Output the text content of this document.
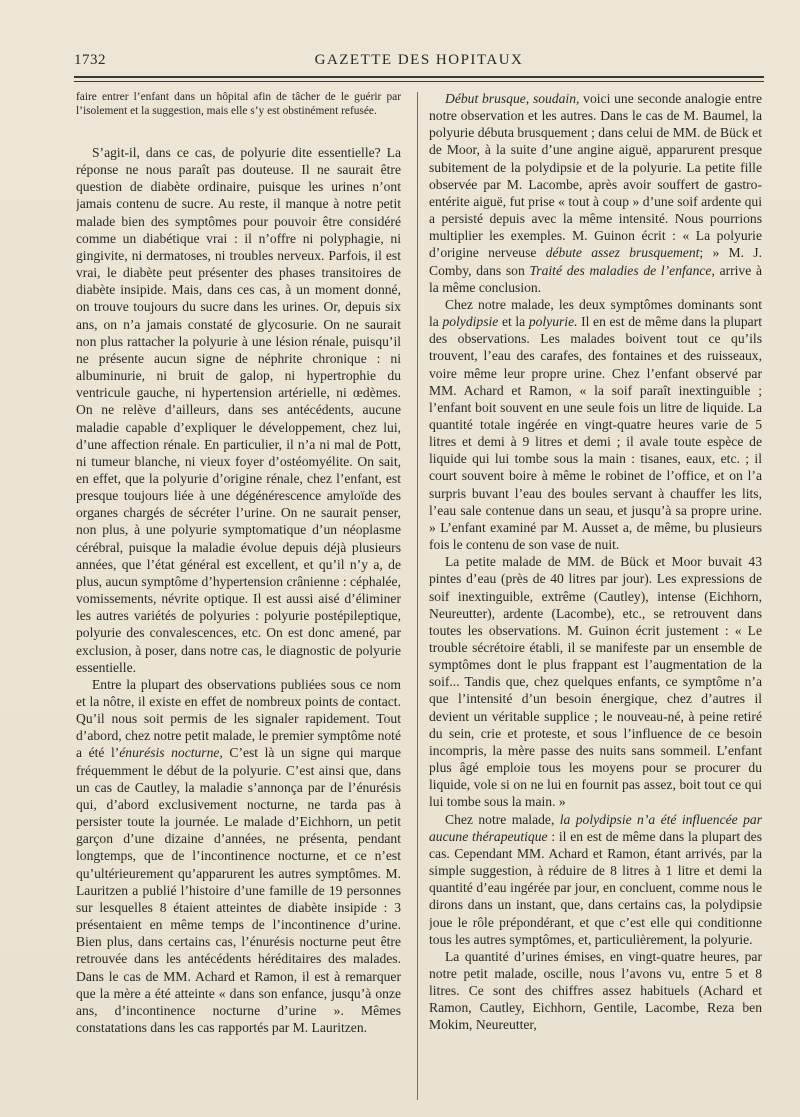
1732	GAZETTE DES HOPITAUX

faire entrer l’enfant dans un hôpital afin de tâcher de le guérir par l’isolement et la suggestion, mais elle s’y est obstinément refusée.

S’agit-il, dans ce cas, de polyurie dite essentielle? La réponse ne nous paraît pas douteuse. Il ne saurait être question de diabète ordinaire, puisque les urines n’ont jamais contenu de sucre. Au reste, il manque à notre petit malade bien des symptômes pour pouvoir être considéré comme un diabétique vrai : il n’offre ni polyphagie, ni gingivite, ni dermatoses, ni troubles nerveux. Parfois, il est vrai, le diabète peut présenter des phases transitoires de diabète insipide. Mais, dans ces cas, à un moment donné, on trouve toujours du sucre dans les urines. Or, depuis six ans, on n’a jamais constaté de glycosurie. On ne saurait non plus rattacher la polyurie à une lésion rénale, puisqu’il ne présente aucun signe de néphrite chronique : ni albuminurie, ni bruit de galop, ni hypertrophie du ventricule gauche, ni hypertension artérielle, ni œdèmes. On ne relève d’ailleurs, dans ses antécédents, aucune maladie capable d’expliquer le développement, chez lui, d’une affection rénale. En particulier, il n’a ni mal de Pott, ni tumeur blanche, ni vieux foyer d’ostéomyélite. On sait, en effet, que la polyurie d’origine rénale, chez l’enfant, est presque toujours liée à une dégénérescence amyloïde des organes chargés de sécréter l’urine. On ne saurait penser, non plus, à une polyurie symptomatique d’un néoplasme cérébral, puisque la maladie évolue depuis déjà plusieurs années, que l’état général est excellent, et qu’il n’y a, de plus, aucun symptôme d’hypertension crânienne : céphalée, vomissements, névrite optique. Il est aussi aisé d’éliminer les autres variétés de polyuries : polyurie postépileptique, polyurie des convalescences, etc. On est donc amené, par exclusion, à poser, dans notre cas, le diagnostic de polyurie essentielle.

Entre la plupart des observations publiées sous ce nom et la nôtre, il existe en effet de nombreux points de contact. Qu’il nous soit permis de les signaler rapidement. Tout d’abord, chez notre petit malade, le premier symptôme noté a été l’énurésis nocturne, C’est là un signe qui marque fréquemment le début de la polyurie. C’est ainsi que, dans un cas de Cautley, la maladie s’annonça par de l’énurésis qui, d’abord exclusivement nocturne, ne tarda pas à persister toute la journée. Le malade d’Eichhorn, un petit garçon d’une dizaine d’années, ne présenta, pendant longtemps, que de l’incontinence nocturne, et ce n’est qu’ultérieurement qu’apparurent les autres symptômes. M. Lauritzen a publié l’histoire d’une famille de 19 personnes sur lesquelles 8 étaient atteintes de diabète insipide : 3 présentaient en même temps de l’incontinence d’urine. Bien plus, dans certains cas, l’énurésis nocturne peut être retrouvée dans les antécédents héréditaires des malades. Dans le cas de MM. Achard et Ramon, il est à remarquer que la mère a été atteinte « dans son enfance, jusqu’à onze ans, d’incontinence nocturne d’urine ». Mêmes constatations dans les cas rapportés par M. Lauritzen.

Début brusque, soudain, voici une seconde analogie entre notre observation et les autres. Dans le cas de M. Baumel, la polyurie débuta brusquement ; dans celui de MM. de Bück et de Moor, à la suite d’une angine aiguë, apparurent presque subitement de la polydipsie et de la polyurie. La petite fille observée par M. Lacombe, après avoir souffert de gastro-entérite aiguë, fut prise « tout à coup » d’une soif ardente qui a persisté depuis avec la même intensité. Nous pourrions multiplier les exemples. M. Guinon écrit : « La polyurie d’origine nerveuse débute assez brusquement; » M. J. Comby, dans son Traité des maladies de l’enfance, arrive à la même conclusion.

Chez notre malade, les deux symptômes dominants sont la polydipsie et la polyurie. Il en est de même dans la plupart des observations. Les malades boivent tout ce qu’ils trouvent, l’eau des carafes, des fontaines et des ruisseaux, voire même leur propre urine. Chez l’enfant observé par MM. Achard et Ramon, « la soif paraît inextinguible ; l’enfant boit souvent en une seule fois un litre de liquide. La quantité totale ingérée en vingt-quatre heures varie de 5 litres et demi à 9 litres et demi ; il avale toute espèce de liquide qui lui tombe sous la main : tisanes, eaux, etc. ; il court souvent boire à même le robinet de l’office, et on l’a surpris buvant l’eau des boules servant à chauffer les lits, l’eau sale contenue dans un seau, et jusqu’à sa propre urine. » L’enfant examiné par M. Ausset a, de même, bu plusieurs fois le contenu de son vase de nuit.

La petite malade de MM. de Bück et Moor buvait 43 pintes d’eau (près de 40 litres par jour). Les expressions de soif inextinguible, extrême (Cautley), intense (Eichhorn, Neureutter), ardente (Lacombe), etc., se retrouvent dans toutes les observations. M. Guinon écrit justement : « Le trouble sécrétoire établi, il se manifeste par un ensemble de symptômes dont le plus frappant est l’augmentation de la soif... Tandis que, chez quelques enfants, ce symptôme n’a que l’intensité d’un besoin énergique, chez d’autres il devient un véritable supplice ; le nouveau-né, à peine retiré du sein, crie et proteste, et sous l’influence de ce besoin incompris, la mère passe des nuits sans sommeil. L’enfant plus âgé emploie tous les moyens pour se procurer du liquide, vole si on ne lui en fournit pas assez, boit tout ce qui lui tombe sous la main. »

Chez notre malade, la polydipsie n’a été influencée par aucune thérapeutique : il en est de même dans la plupart des cas. Cependant MM. Achard et Ramon, étant arrivés, par la simple suggestion, à réduire de 8 litres à 1 litre et demi la quantité d’eau ingérée par jour, en concluent, comme nous le dirons dans un instant, que, dans certains cas, la polydipsie joue le rôle prépondérant, et que c’est elle qui conditionne tous les autres symptômes, et, particulièrement, la polyurie.

La quantité d’urines émises, en vingt-quatre heures, par notre petit malade, oscille, nous l’avons vu, entre 5 et 8 litres. Ce sont des chiffres assez habituels (Achard et Ramon, Cautley, Eichhorn, Gentile, Lacombe, Reza ben Mokim, Neureutter,
